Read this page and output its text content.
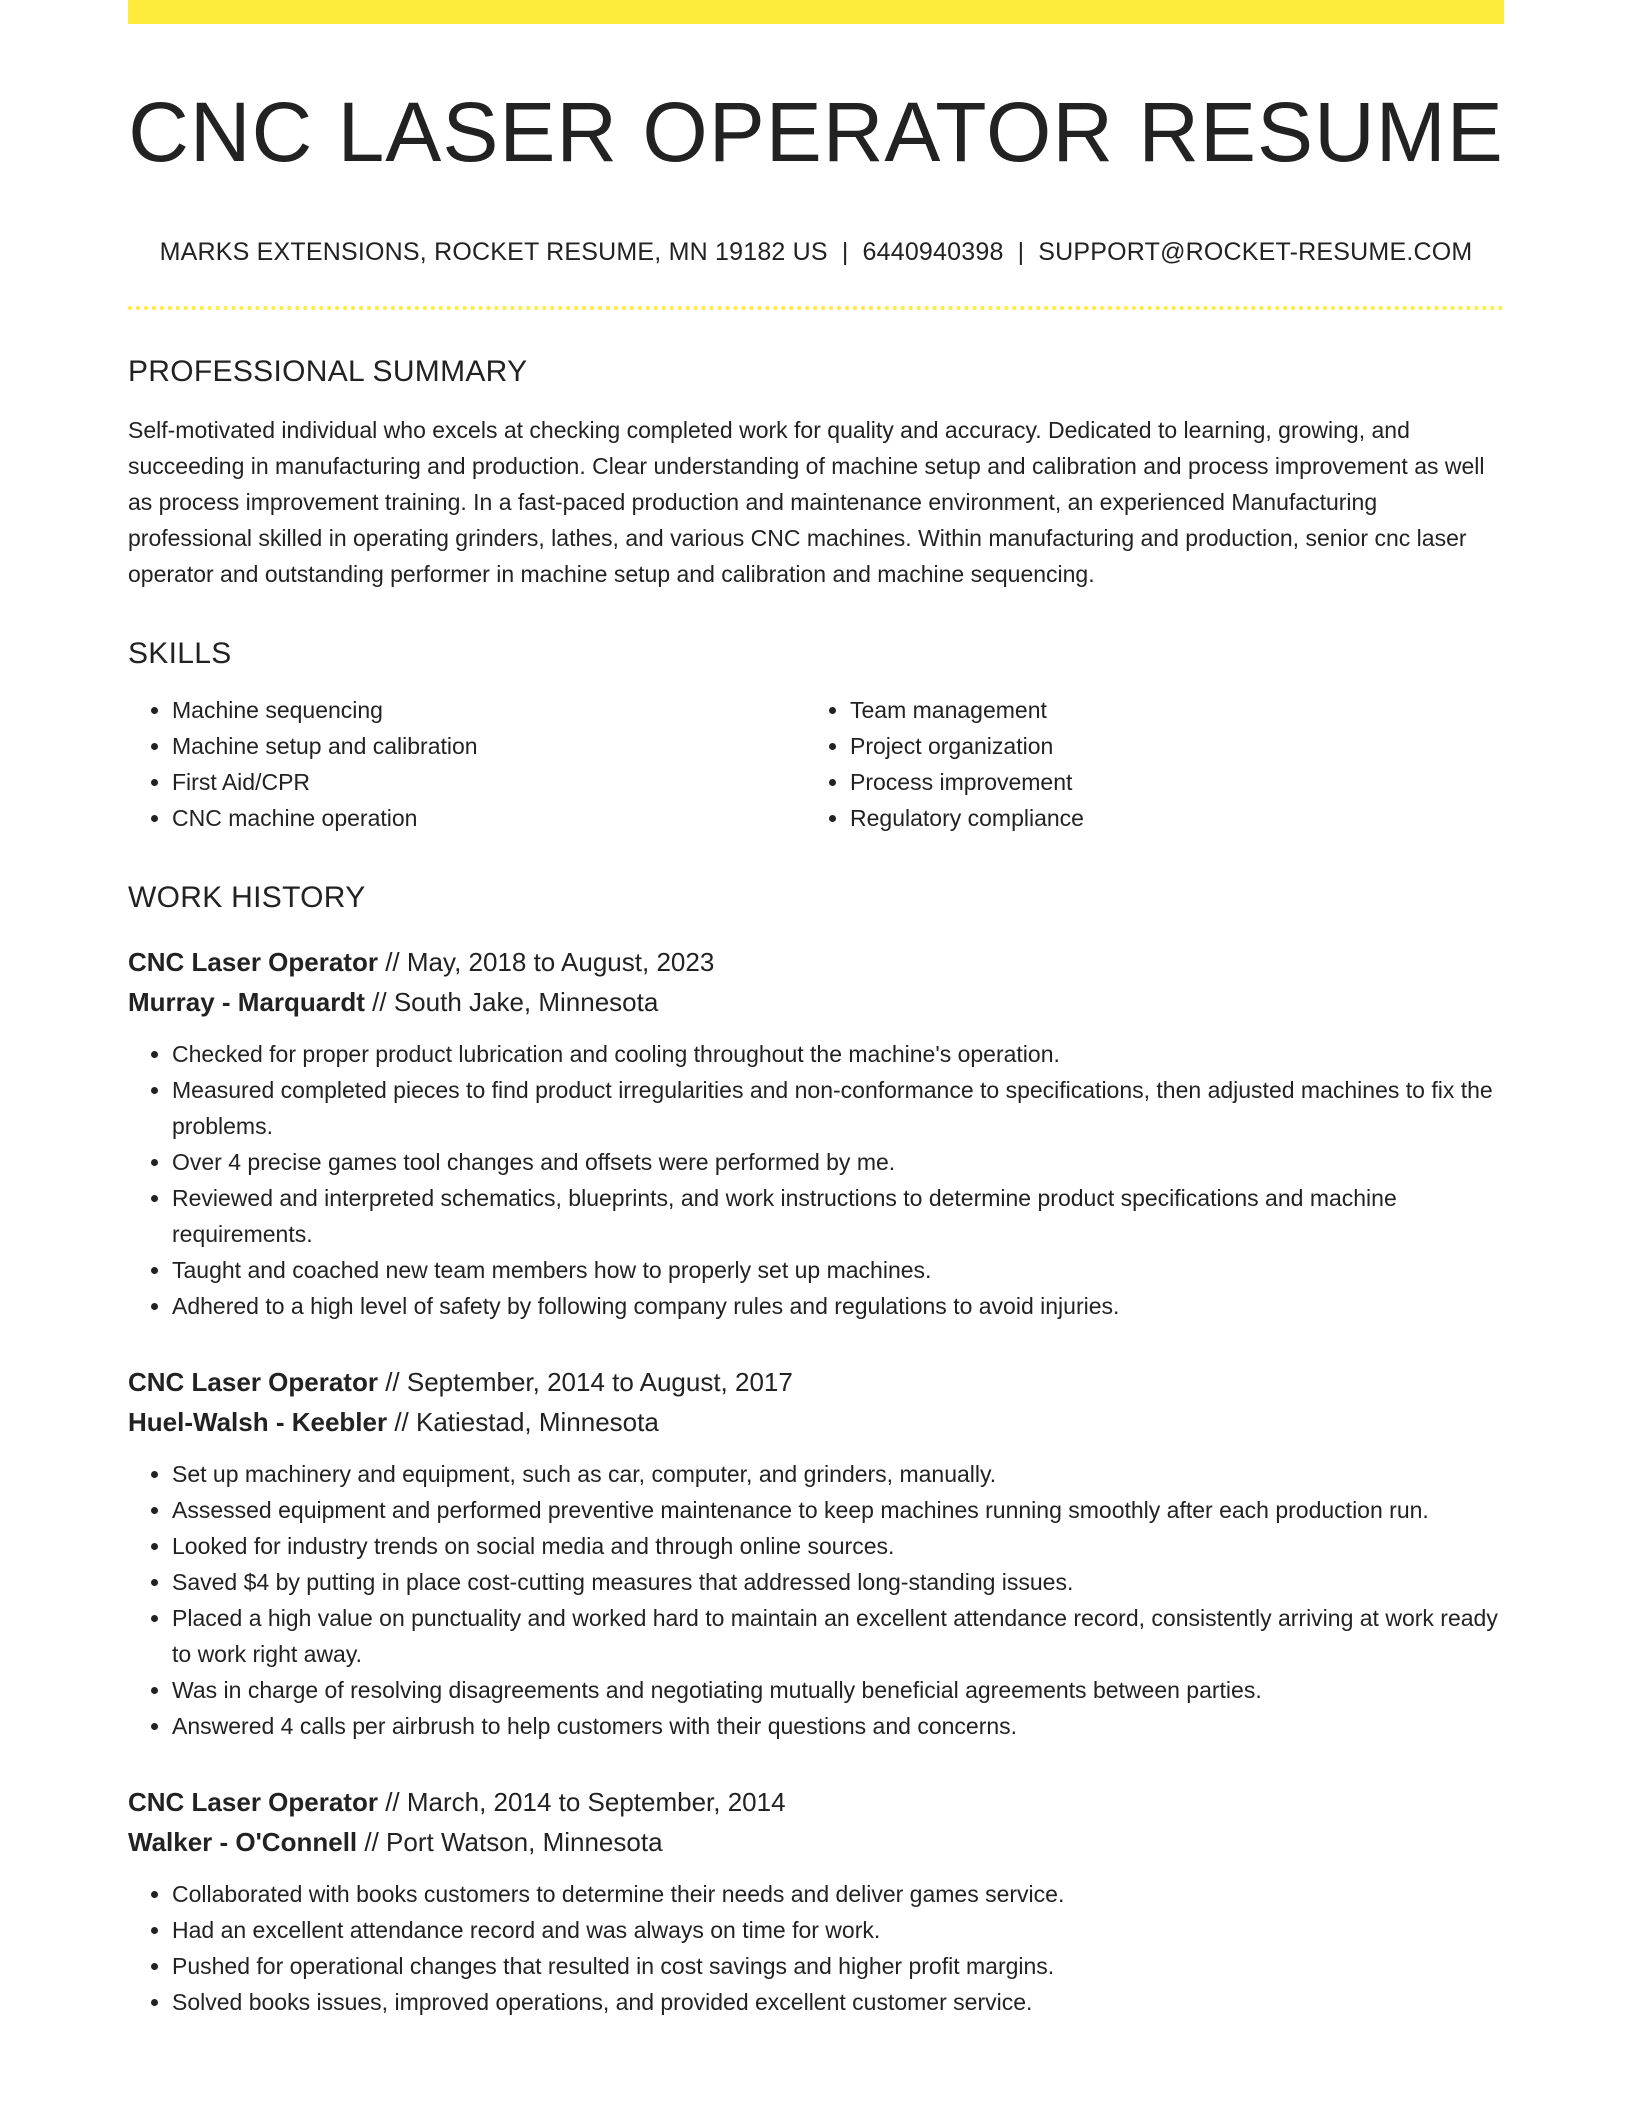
CNC LASER OPERATOR RESUME
MARKS EXTENSIONS, ROCKET RESUME, MN 19182 US | 6440940398 | SUPPORT@ROCKET-RESUME.COM
PROFESSIONAL SUMMARY
Self-motivated individual who excels at checking completed work for quality and accuracy. Dedicated to learning, growing, and succeeding in manufacturing and production. Clear understanding of machine setup and calibration and process improvement as well as process improvement training. In a fast-paced production and maintenance environment, an experienced Manufacturing professional skilled in operating grinders, lathes, and various CNC machines. Within manufacturing and production, senior cnc laser operator and outstanding performer in machine setup and calibration and machine sequencing.
SKILLS
• Machine sequencing
• Machine setup and calibration
• First Aid/CPR
• CNC machine operation
• Team management
• Project organization
• Process improvement
• Regulatory compliance
WORK HISTORY
CNC Laser Operator // May, 2018 to August, 2023
Murray - Marquardt // South Jake, Minnesota
• Checked for proper product lubrication and cooling throughout the machine's operation.
• Measured completed pieces to find product irregularities and non-conformance to specifications, then adjusted machines to fix the problems.
• Over 4 precise games tool changes and offsets were performed by me.
• Reviewed and interpreted schematics, blueprints, and work instructions to determine product specifications and machine requirements.
• Taught and coached new team members how to properly set up machines.
• Adhered to a high level of safety by following company rules and regulations to avoid injuries.
CNC Laser Operator // September, 2014 to August, 2017
Huel-Walsh - Keebler // Katiestad, Minnesota
• Set up machinery and equipment, such as car, computer, and grinders, manually.
• Assessed equipment and performed preventive maintenance to keep machines running smoothly after each production run.
• Looked for industry trends on social media and through online sources.
• Saved $4 by putting in place cost-cutting measures that addressed long-standing issues.
• Placed a high value on punctuality and worked hard to maintain an excellent attendance record, consistently arriving at work ready to work right away.
• Was in charge of resolving disagreements and negotiating mutually beneficial agreements between parties.
• Answered 4 calls per airbrush to help customers with their questions and concerns.
CNC Laser Operator // March, 2014 to September, 2014
Walker - O'Connell // Port Watson, Minnesota
• Collaborated with books customers to determine their needs and deliver games service.
• Had an excellent attendance record and was always on time for work.
• Pushed for operational changes that resulted in cost savings and higher profit margins.
• Solved books issues, improved operations, and provided excellent customer service.
